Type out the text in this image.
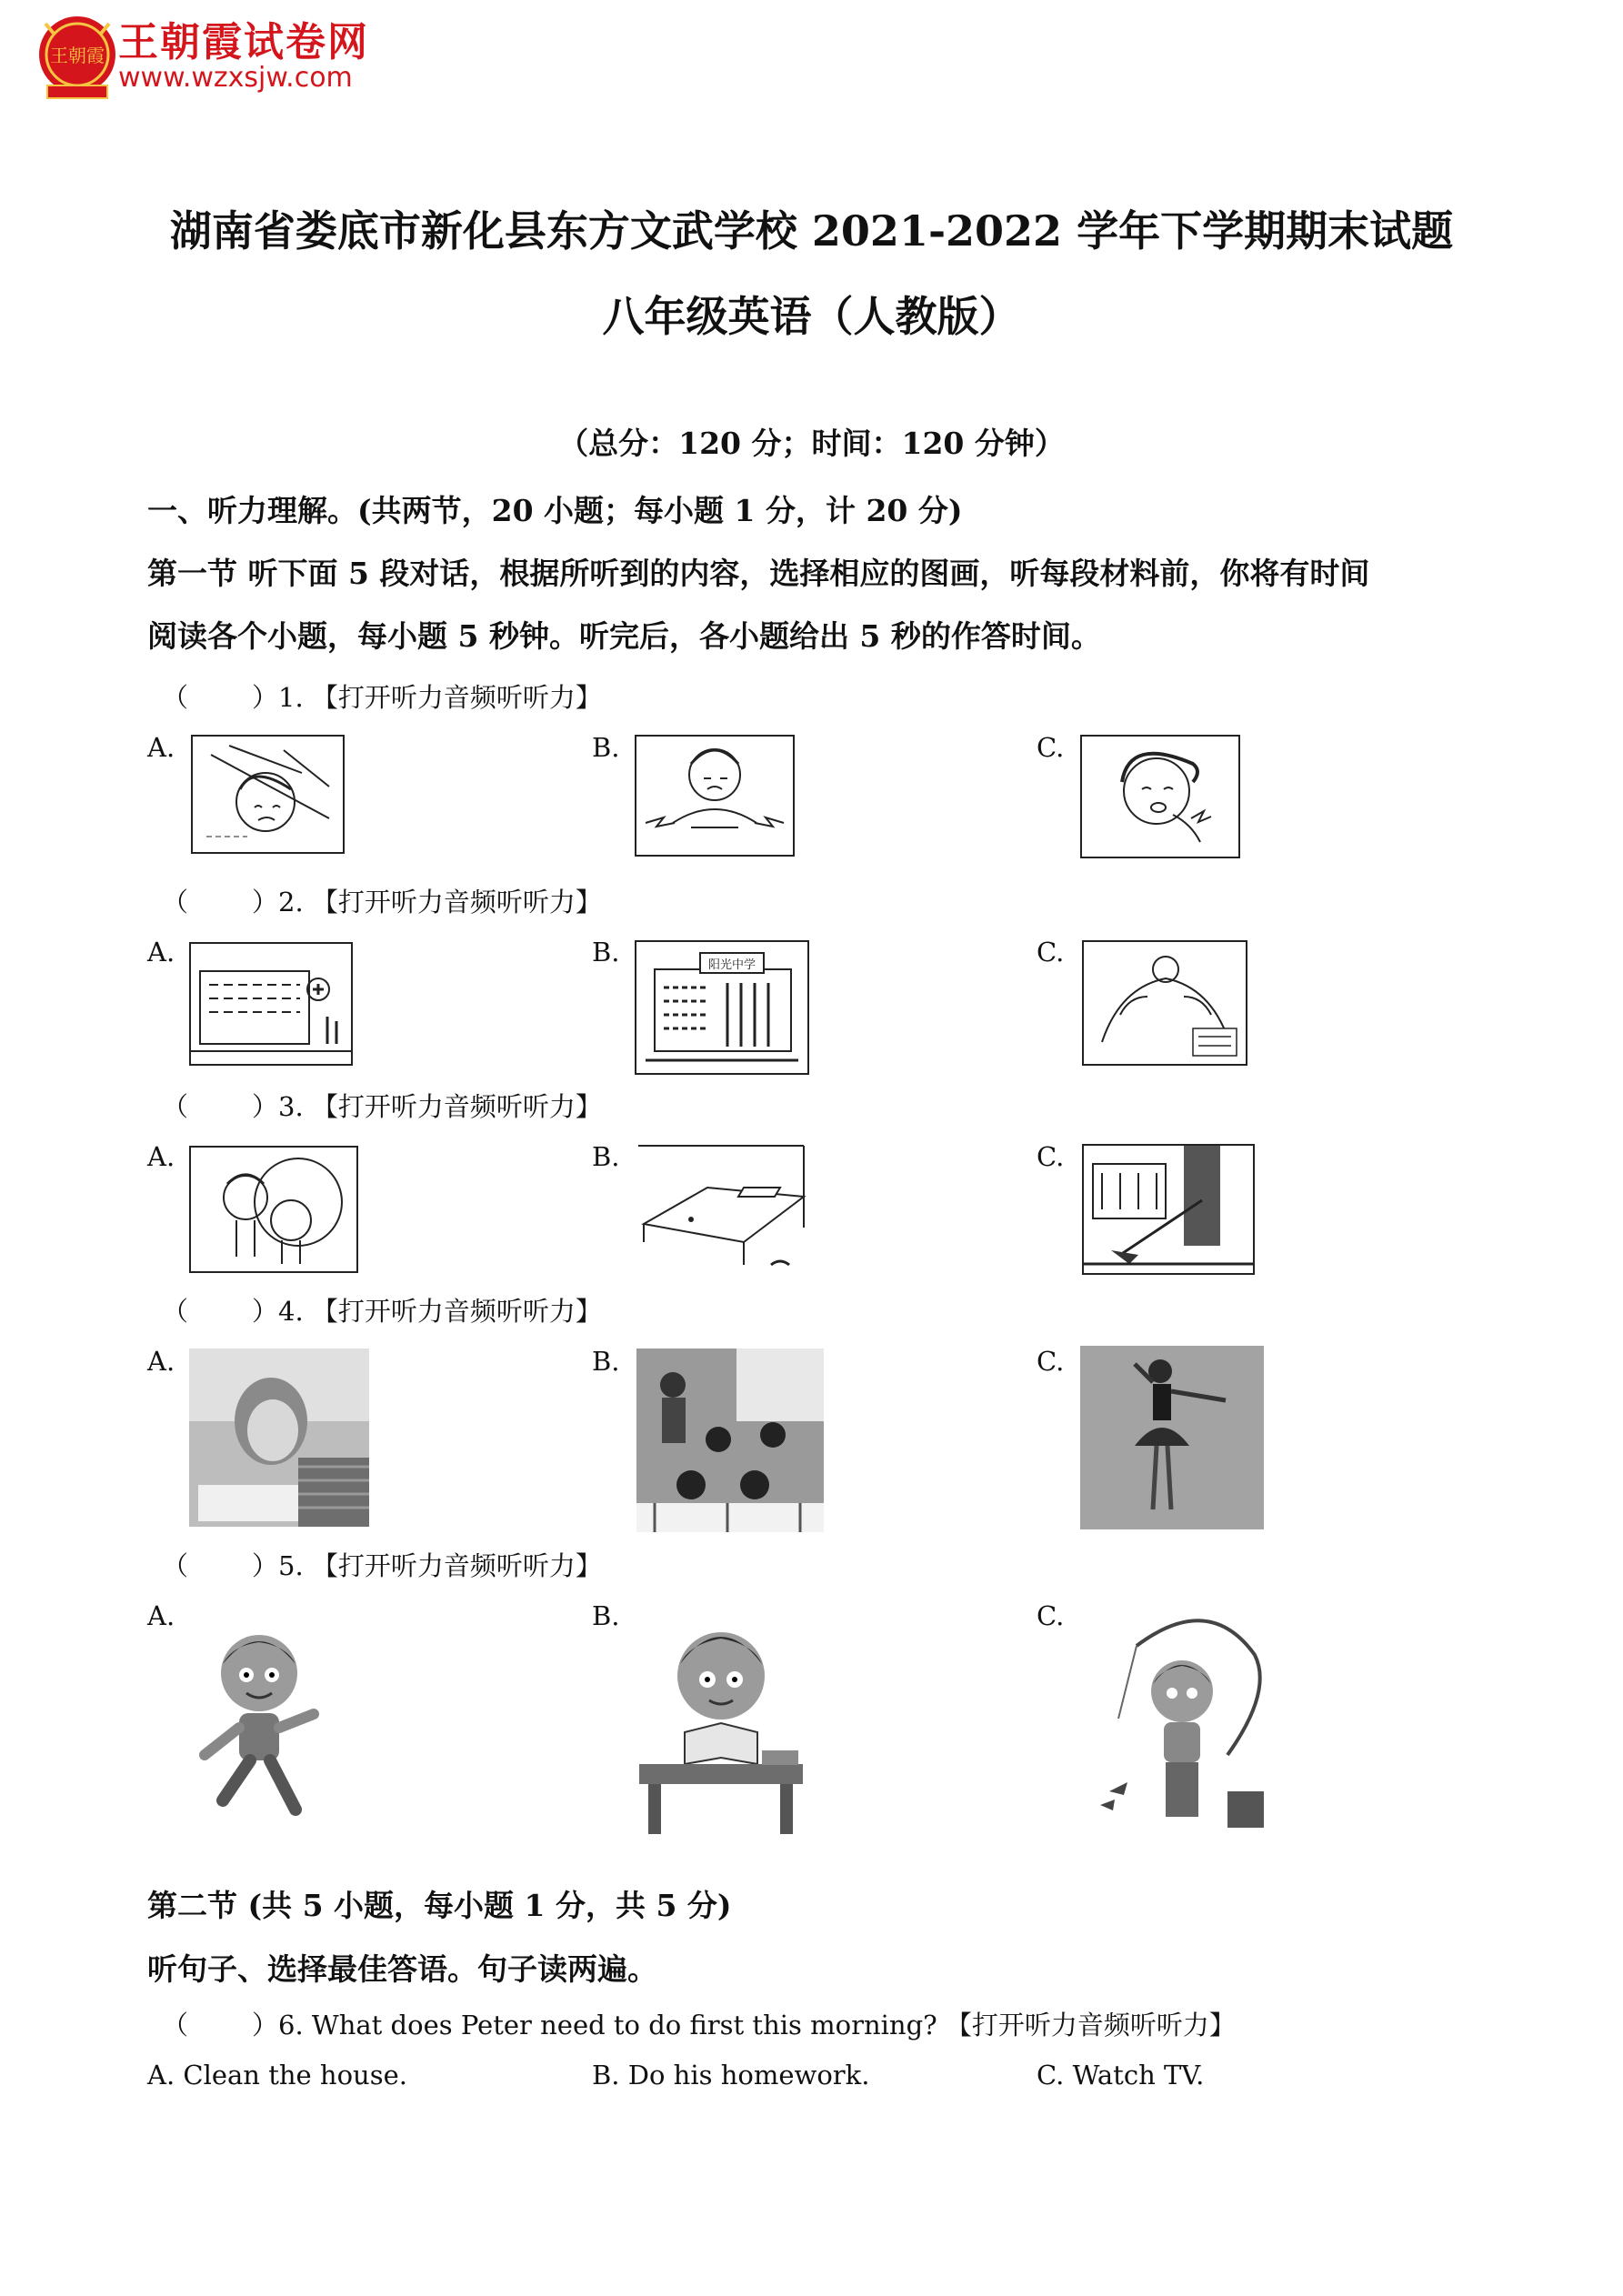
王朝霞 王朝霞试卷网
www.wzxsjw.com
湖南省娄底市新化县东方文武学校 2021-2022 学年下学期期末试题
八年级英语（人教版）
（总分：120 分；时间：120 分钟）
一、听力理解。(共两节，20 小题；每小题 1 分，计 20 分)
第一节 听下面 5 段对话，根据所听到的内容，选择相应的图画，听每段材料前，你将有时间
阅读各个小题，每小题 5 秒钟。听完后，各小题给出 5 秒的作答时间。
（ ）1. 【打开听力音频听听力】
A.	B.	C.
（ ）2. 【打开听力音频听听力】
A.	B.	C.
阳光中学
（ ）3. 【打开听力音频听听力】
A.	B.	C.
（ ）4. 【打开听力音频听听力】
A.	B.	C.
（ ）5. 【打开听力音频听听力】
A.	B.	C.
第二节 (共 5 小题，每小题 1 分，共 5 分)
听句子、选择最佳答语。句子读两遍。
（ ）6. What does Peter need to do first this morning? 【打开听力音频听听力】
A. Clean the house.	B. Do his homework.	C. Watch TV.
